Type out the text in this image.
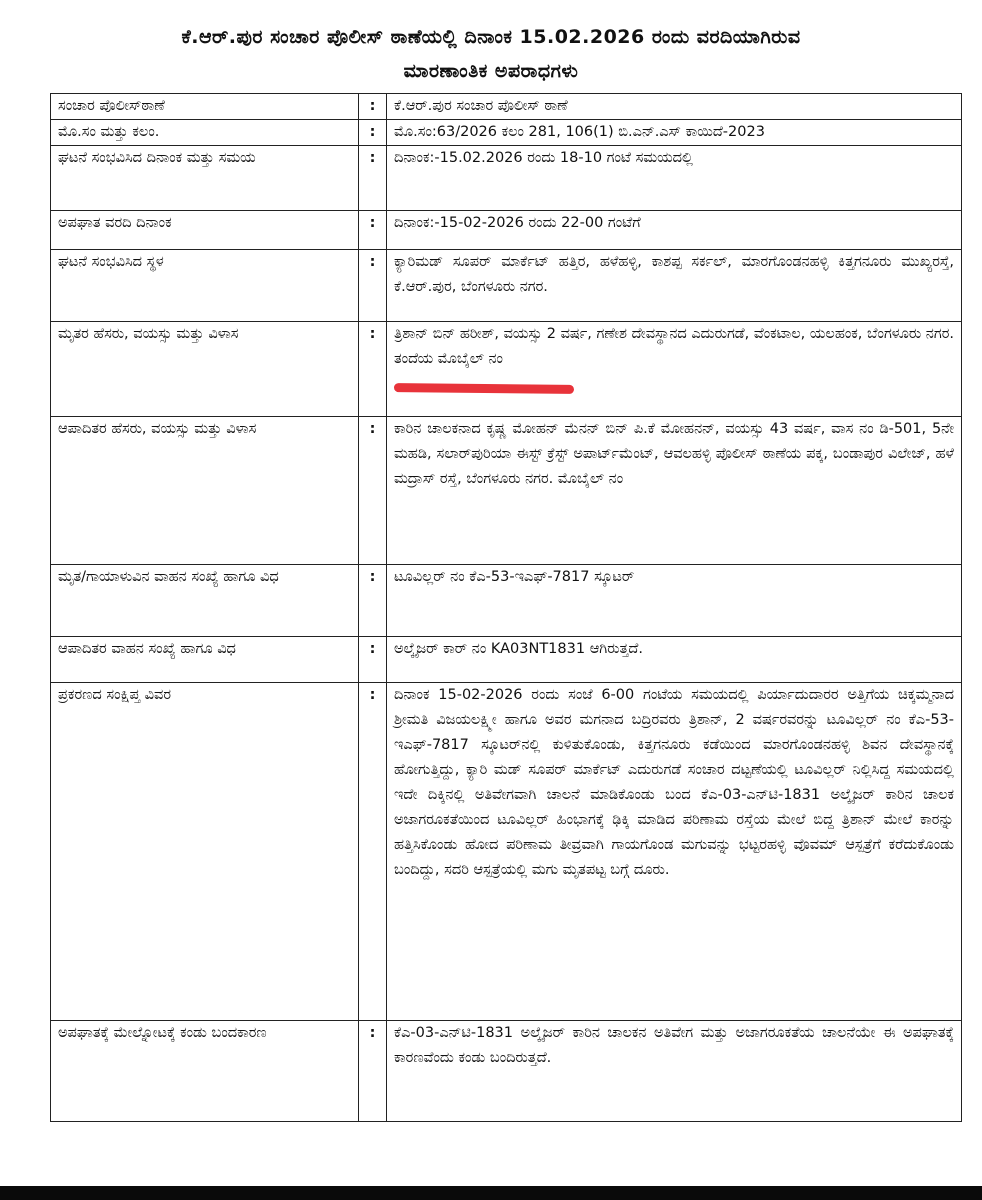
ಕೆ.ಆರ್.ಪುರ ಸಂಚಾರ ಪೊಲೀಸ್ ಠಾಣೆಯಲ್ಲಿ ದಿನಾಂಕ 15.02.2026 ರಂದು ವರದಿಯಾಗಿರುವ
ಮಾರಣಾಂತಿಕ ಅಪರಾಧಗಳು
ಸಂಚಾರ ಪೊಲೀಸ್‌ಠಾಣೆ	:	ಕೆ.ಆರ್.ಪುರ ಸಂಚಾರ ಪೊಲೀಸ್ ಠಾಣೆ
ಮೊ.ಸಂ ಮತ್ತು ಕಲಂ.	:	ಮೊ.ಸಂ:63/2026 ಕಲಂ 281, 106(1) ಬಿ.ಎನ್.ಎಸ್ ಕಾಯಿದೆ-2023
ಘಟನೆ ಸಂಭವಿಸಿದ ದಿನಾಂಕ ಮತ್ತು ಸಮಯ	:	ದಿನಾಂಕ:-15.02.2026 ರಂದು 18-10 ಗಂಟೆ ಸಮಯದಲ್ಲಿ
ಅಪಘಾತ ವರದಿ ದಿನಾಂಕ	:	ದಿನಾಂಕ:-15-02-2026 ರಂದು 22-00 ಗಂಟೆಗೆ
ಘಟನೆ ಸಂಭವಿಸಿದ ಸ್ಥಳ	:	ಕ್ಯಾರಿಮಡ್ ಸೂಪರ್ ಮಾರ್ಕೆಟ್ ಹತ್ತಿರ, ಹಳೆಹಳ್ಳಿ, ಕಾಶಪ್ಪ ಸರ್ಕಲ್, ಮಾರಗೊಂಡನಹಳ್ಳಿ ಕಿತ್ತಗನೂರು ಮುಖ್ಯರಸ್ತೆ, ಕೆ.ಆರ್.ಪುರ, ಬೆಂಗಳೂರು ನಗರ.
ಮೃತರ ಹೆಸರು, ವಯಸ್ಸು ಮತ್ತು ವಿಳಾಸ	:	ತ್ರಿಶಾನ್ ಬಿನ್ ಹರೀಶ್, ವಯಸ್ಸು 2 ವರ್ಷ, ಗಣೇಶ ದೇವಸ್ಥಾನದ ಎದುರುಗಡೆ, ವೆಂಕಟಾಲ, ಯಲಹಂಕ, ಬೆಂಗಳೂರು ನಗರ. ತಂದೆಯ ಮೊಬೈಲ್ ನಂ

ಆಪಾದಿತರ ಹೆಸರು, ವಯಸ್ಸು ಮತ್ತು ವಿಳಾಸ	:	ಕಾರಿನ ಚಾಲಕನಾದ ಕೃಷ್ಣ ಮೋಹನ್ ಮೆನನ್ ಬಿನ್ ಪಿ.ಕೆ ಮೋಹನನ್, ವಯಸ್ಸು 43 ವರ್ಷ, ವಾಸ ನಂ ಡಿ-501, 5ನೇ ಮಹಡಿ, ಸಲಾರ್‌ಪುರಿಯಾ ಈಸ್ಟ್ ಕ್ರೆಸ್ಟ್ ಅಪಾರ್ಟ್‌ಮೆಂಟ್, ಆವಲಹಳ್ಳಿ ಪೊಲೀಸ್ ಠಾಣೆಯ ಪಕ್ಕ, ಬಂಡಾಪುರ ವಿಲೇಜ್, ಹಳೆ ಮದ್ರಾಸ್ ರಸ್ತೆ, ಬೆಂಗಳೂರು ನಗರ. ಮೊಬೈಲ್ ನಂ
ಮೃತ/ಗಾಯಾಳುವಿನ ವಾಹನ ಸಂಖ್ಯೆ ಹಾಗೂ ವಿಧ	:	ಟೂವಿಲ್ಲರ್ ನಂ ಕೆಎ-53-ಇಎಫ್-7817 ಸ್ಕೂಟರ್
ಆಪಾದಿತರ ವಾಹನ ಸಂಖ್ಯೆ ಹಾಗೂ ವಿಧ	:	ಅಲ್ಕೈಜರ್ ಕಾರ್ ನಂ KA03NT1831 ಆಗಿರುತ್ತದೆ.
ಪ್ರಕರಣದ ಸಂಕ್ಷಿಪ್ತ ವಿವರ	:	ದಿನಾಂಕ 15-02-2026 ರಂದು ಸಂಜೆ 6-00 ಗಂಟೆಯ ಸಮಯದಲ್ಲಿ ಪಿರ್ಯಾದುದಾರರ ಅತ್ತಿಗೆಯ ಚಿಕ್ಕಮ್ಮನಾದ ಶ್ರೀಮತಿ ವಿಜಯಲಕ್ಷ್ಮೀ ಹಾಗೂ ಅವರ ಮಗನಾದ ಬದ್ರಿರವರು ತ್ರಿಶಾನ್, 2 ವರ್ಷರವರನ್ನು ಟೂವಿಲ್ಲರ್ ನಂ ಕೆಎ-53-ಇಎಫ್-7817 ಸ್ಕೂಟರ್‌ನಲ್ಲಿ ಕುಳಿತುಕೊಂಡು, ಕಿತ್ತಗನೂರು ಕಡೆಯಿಂದ ಮಾರಗೊಂಡನಹಳ್ಳಿ ಶಿವನ ದೇವಸ್ಥಾನಕ್ಕೆ ಹೋಗುತ್ತಿದ್ದು, ಕ್ಯಾರಿ ಮಡ್ ಸೂಪರ್ ಮಾರ್ಕೆಟ್ ಎದುರುಗಡೆ ಸಂಚಾರ ದಟ್ಟಣೆಯಲ್ಲಿ ಟೂವಿಲ್ಲರ್ ನಿಲ್ಲಿಸಿದ್ದ ಸಮಯದಲ್ಲಿ ಇದೇ ದಿಕ್ಕಿನಲ್ಲಿ ಅತಿವೇಗವಾಗಿ ಚಾಲನೆ ಮಾಡಿಕೊಂಡು ಬಂದ ಕೆಎ-03-ಎನ್‌ಟಿ-1831 ಅಲ್ಕೈಜರ್ ಕಾರಿನ ಚಾಲಕ ಅಜಾಗರೂಕತೆಯಿಂದ ಟೂವಿಲ್ಲರ್ ಹಿಂಭಾಗಕ್ಕೆ ಢಿಕ್ಕಿ ಮಾಡಿದ ಪರಿಣಾಮ ರಸ್ತೆಯ ಮೇಲೆ ಬಿದ್ದ ತ್ರಿಶಾನ್ ಮೇಲೆ ಕಾರನ್ನು ಹತ್ತಿಸಿಕೊಂಡು ಹೋದ ಪರಿಣಾಮ ತೀವ್ರವಾಗಿ ಗಾಯಗೊಂಡ ಮಗುವನ್ನು ಭಟ್ಟರಹಳ್ಳಿ ವೊವಮ್ ಆಸ್ಪತ್ರೆಗೆ ಕರೆದುಕೊಂಡು ಬಂದಿದ್ದು, ಸದರಿ ಆಸ್ಪತ್ರೆಯಲ್ಲಿ ಮಗು ಮೃತಪಟ್ಟ ಬಗ್ಗೆ ದೂರು.
ಅಪಘಾತಕ್ಕೆ ಮೇಲ್ನೋಟಕ್ಕೆ ಕಂಡು ಬಂದಕಾರಣ	:	ಕೆಎ-03-ಎನ್‌ಟಿ-1831 ಅಲ್ಕೈಜರ್ ಕಾರಿನ ಚಾಲಕನ ಅತಿವೇಗ ಮತ್ತು ಅಜಾಗರೂಕತೆಯ ಚಾಲನೆಯೇ ಈ ಅಪಘಾತಕ್ಕೆ ಕಾರಣವೆಂದು ಕಂಡು ಬಂದಿರುತ್ತದೆ.
